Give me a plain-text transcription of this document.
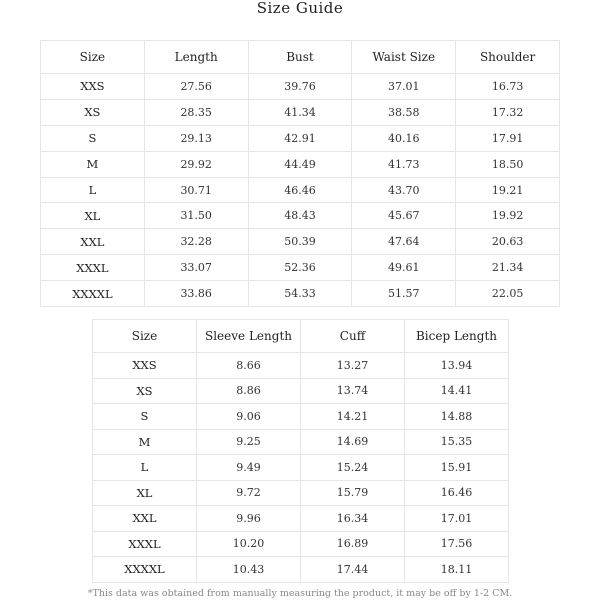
Size Guide
Size	Length	Bust	Waist Size	Shoulder
XXS	27.56	39.76	37.01	16.73
XS	28.35	41.34	38.58	17.32
S	29.13	42.91	40.16	17.91
M	29.92	44.49	41.73	18.50
L	30.71	46.46	43.70	19.21
XL	31.50	48.43	45.67	19.92
XXL	32.28	50.39	47.64	20.63
XXXL	33.07	52.36	49.61	21.34
XXXXL	33.86	54.33	51.57	22.05
Size	Sleeve Length	Cuff	Bicep Length
XXS	8.66	13.27	13.94
XS	8.86	13.74	14.41
S	9.06	14.21	14.88
M	9.25	14.69	15.35
L	9.49	15.24	15.91
XL	9.72	15.79	16.46
XXL	9.96	16.34	17.01
XXXL	10.20	16.89	17.56
XXXXL	10.43	17.44	18.11
*This data was obtained from manually measuring the product, it may be off by 1-2 CM.
